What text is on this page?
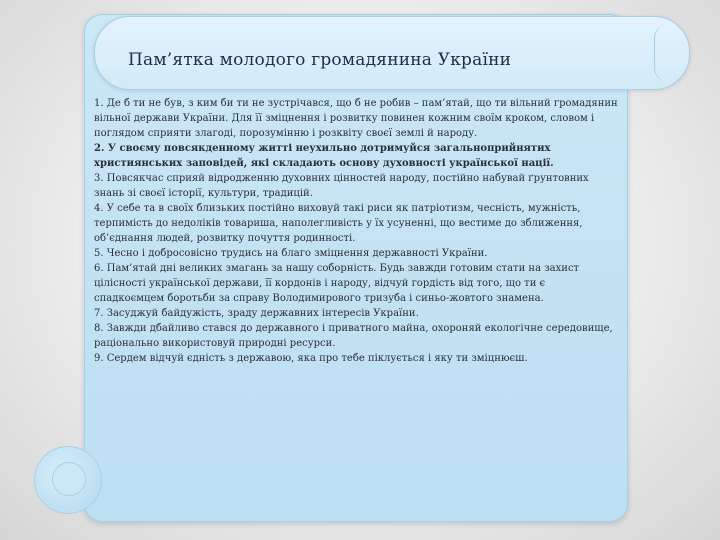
Пам’ятка молодого громадянина України

1. Де б ти не був, з ким би ти не зустрічався, що б не робив – пам’ятай, що ти вільний громадянин вільної держави України. Для її зміцнення і розвитку повинен кожним своїм кроком, словом і поглядом сприяти злагоді, порозумінню і розквіту своєї землі й народу.

2. У своєму повсякденному житті неухильно дотримуйся загальноприйнятих християнських заповідей, які складають основу духовності української нації.

3. Повсякчас сприяй відродженню духовних цінностей народу, постійно набувай ґрунтовних знань зі своєї історії, культури, традицій.

4. У себе та в своїх близьких постійно виховуй такі риси як патріотизм, чесність, мужність, терпимість до недоліків товариша, наполегливість у їх усуненні, що вестиме до зближення, об’єднання людей, розвитку почуття родинності.

5. Чесно і добросовісно трудись на благо зміцнення державності України.

6. Пам’ятай дні великих змагань за нашу соборність. Будь завжди готовим стати на захист цілісності української держави, її кордонів і народу, відчуй гордість від того, що ти є спадкоємцем боротьби за справу Володимирового тризуба і синьо-жовтого знамена.

7. Засуджуй байдужість, зраду державних інтересів України.

8. Завжди дбайливо стався до державного і приватного майна, охороняй екологічне середовище, раціонально використовуй природні ресурси.

9. Сердем відчуй єдність з державою, яка про тебе піклується і яку ти зміцнюєш.
